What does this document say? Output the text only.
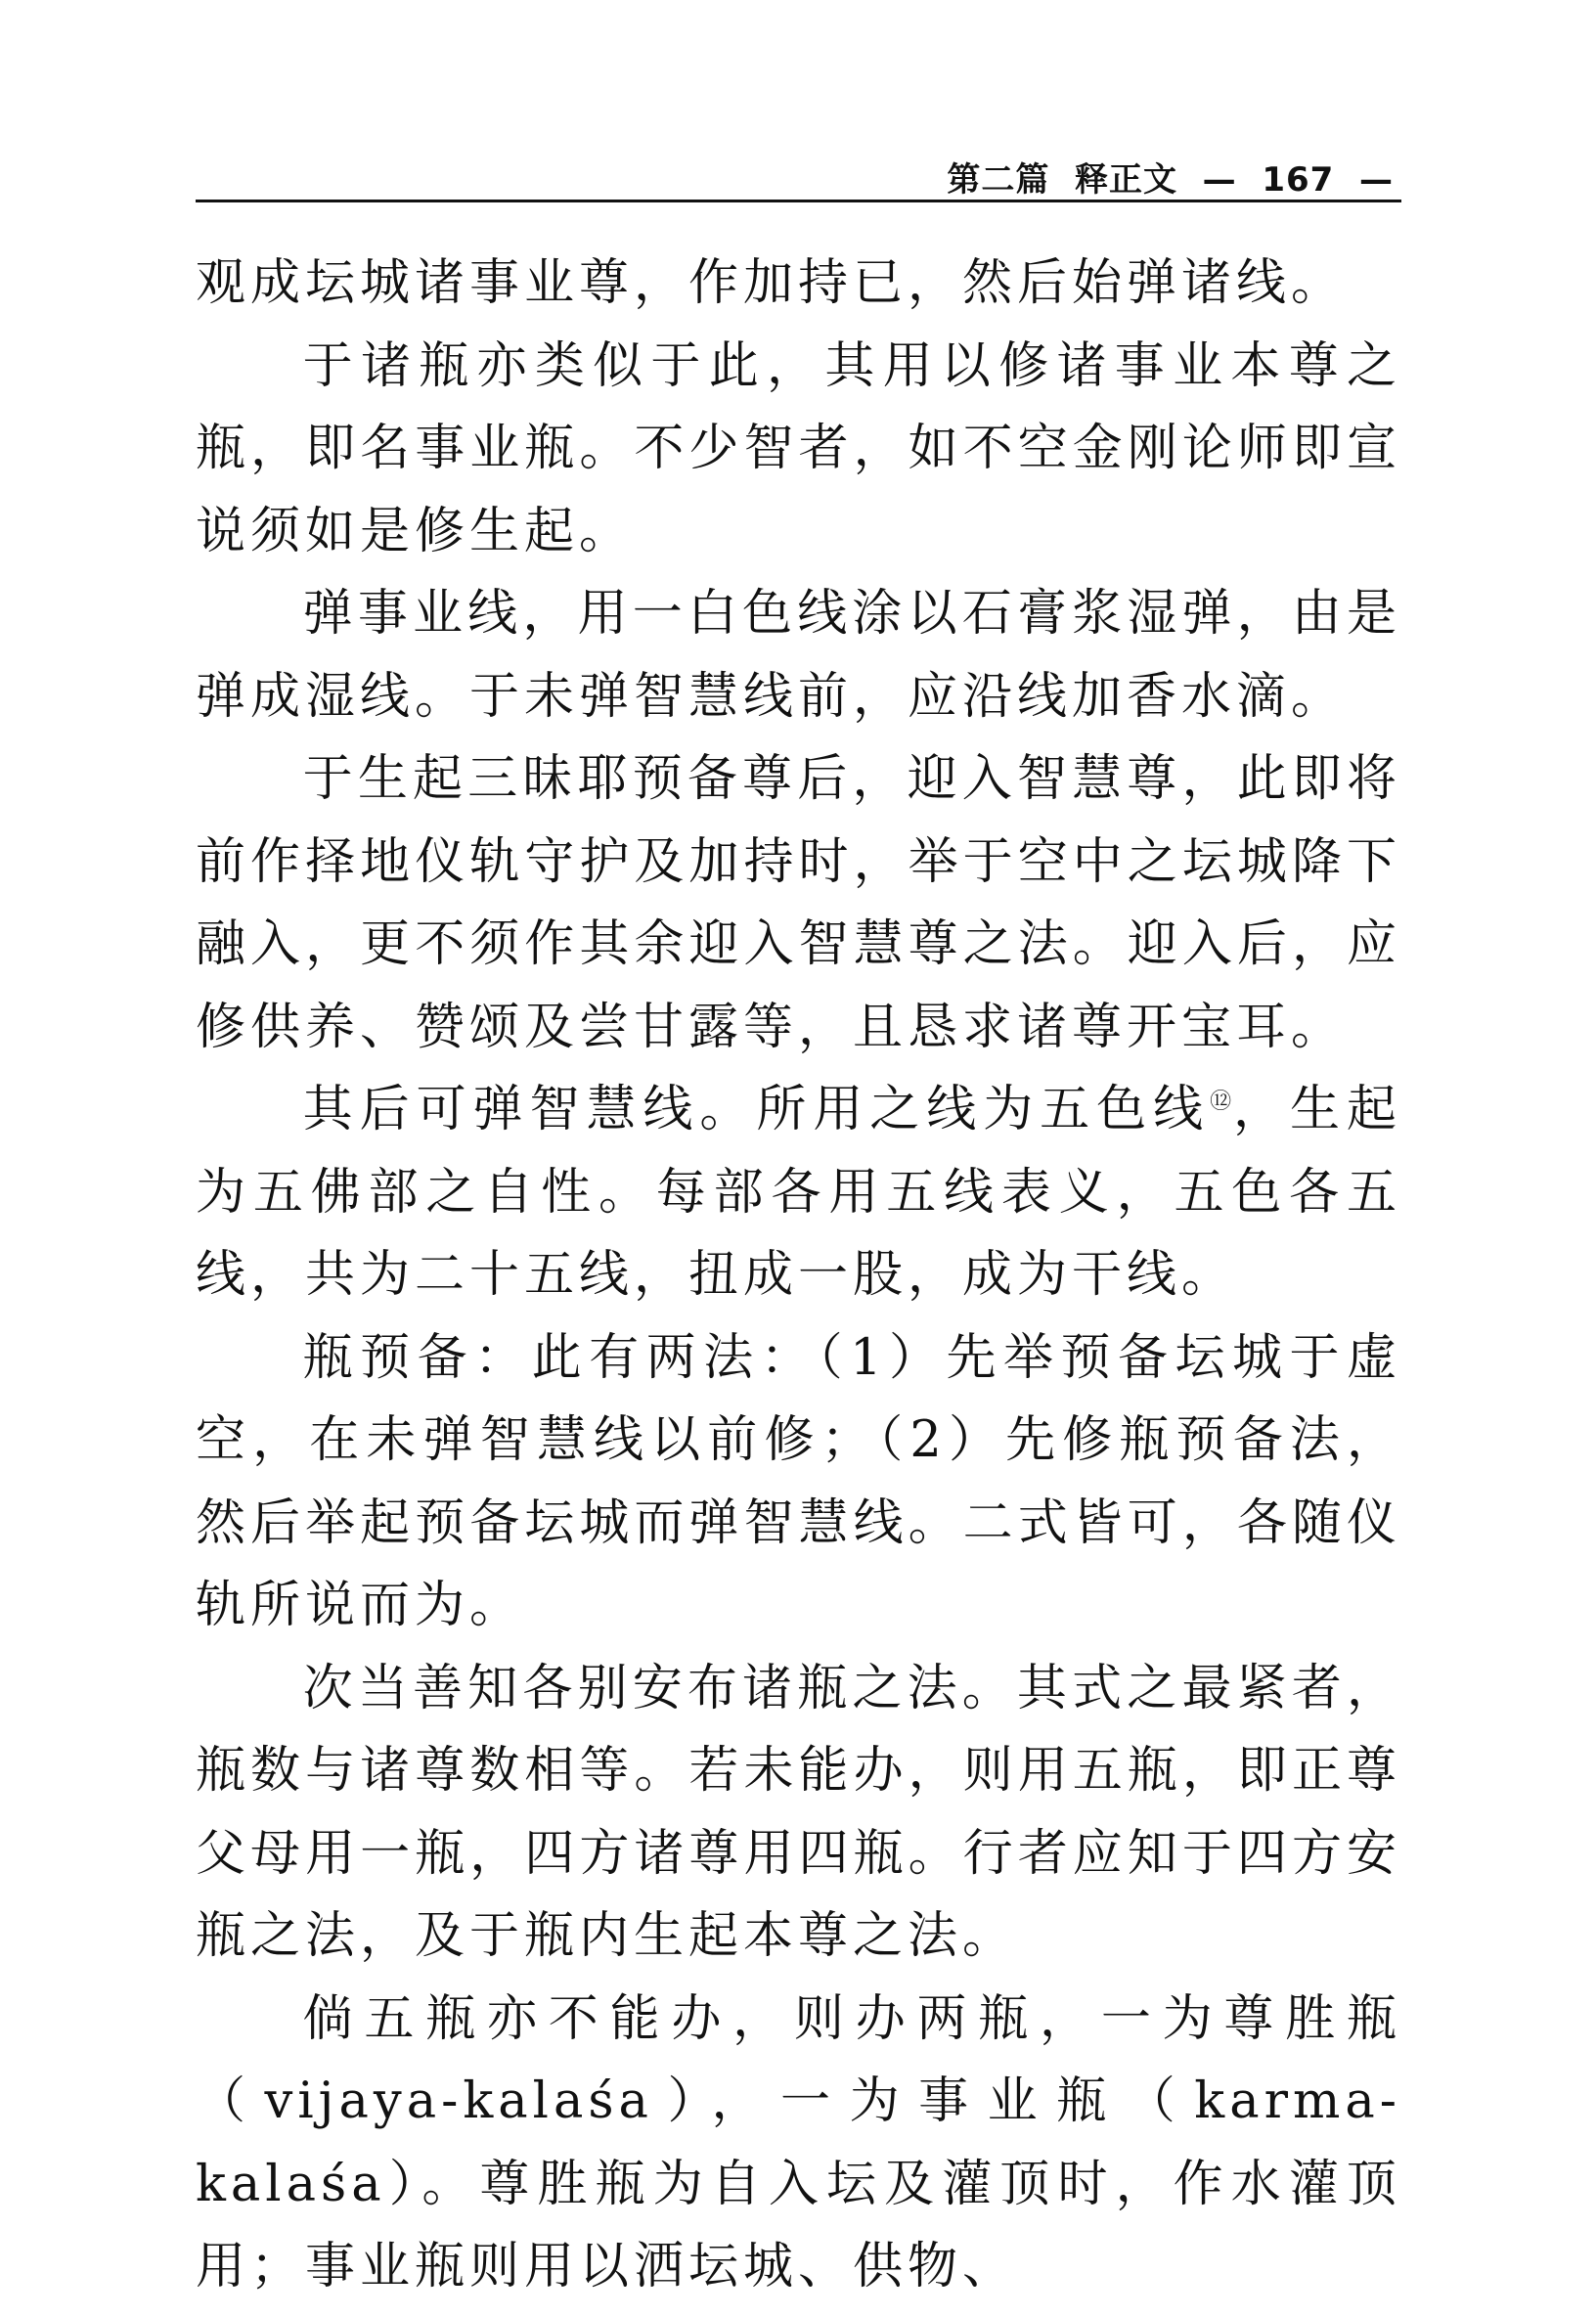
第二篇  释正文  —  167  —

观成坛城诸事业尊，作加持已，然后始弹诸线。

于诸瓶亦类似于此，其用以修诸事业本尊之瓶，即名事业瓶。不少智者，如不空金刚论师即宣说须如是修生起。

弹事业线，用一白色线涂以石膏浆湿弹，由是弹成湿线。于未弹智慧线前，应沿线加香水滴。

于生起三昧耶预备尊后，迎入智慧尊，此即将前作择地仪轨守护及加持时，举于空中之坛城降下融入，更不须作其余迎入智慧尊之法。迎入后，应修供养、赞颂及尝甘露等，且恳求诸尊开宝耳。

其后可弹智慧线。所用之线为五色线⑫，生起为五佛部之自性。每部各用五线表义，五色各五线，共为二十五线，扭成一股，成为干线。

瓶预备：此有两法：（1）先举预备坛城于虚空，在未弹智慧线以前修；（2）先修瓶预备法，然后举起预备坛城而弹智慧线。二式皆可，各随仪轨所说而为。

次当善知各别安布诸瓶之法。其式之最紧者，瓶数与诸尊数相等。若未能办，则用五瓶，即正尊父母用一瓶，四方诸尊用四瓶。行者应知于四方安瓶之法，及于瓶内生起本尊之法。

倘五瓶亦不能办，则办两瓶，一为尊胜瓶（vijaya-kalaśa），一为事业瓶（karma-kalaśa）。尊胜瓶为自入坛及灌顶时，作水灌顶用；事业瓶则用以洒坛城、供物、
